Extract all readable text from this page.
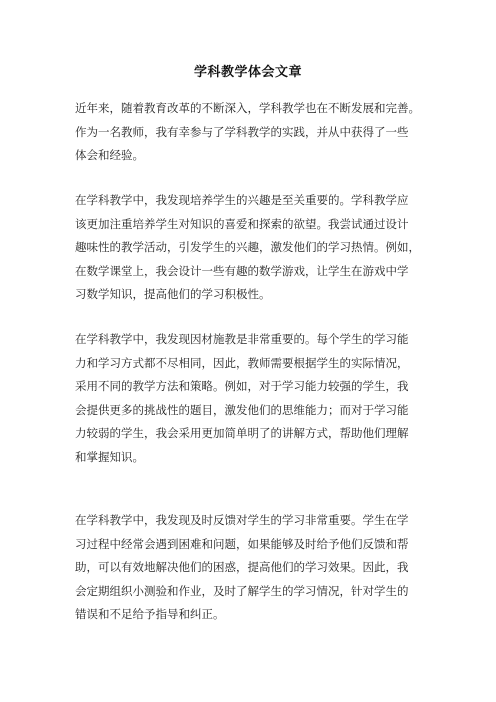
学科教学体会文章

近年来，随着教育改革的不断深入，学科教学也在不断发展和完善。
作为一名教师，我有幸参与了学科教学的实践，并从中获得了一些
体会和经验。

在学科教学中，我发现培养学生的兴趣是至关重要的。学科教学应
该更加注重培养学生对知识的喜爱和探索的欲望。我尝试通过设计
趣味性的教学活动，引发学生的兴趣，激发他们的学习热情。例如，
在数学课堂上，我会设计一些有趣的数学游戏，让学生在游戏中学
习数学知识，提高他们的学习积极性。

在学科教学中，我发现因材施教是非常重要的。每个学生的学习能
力和学习方式都不尽相同，因此，教师需要根据学生的实际情况，
采用不同的教学方法和策略。例如，对于学习能力较强的学生，我
会提供更多的挑战性的题目，激发他们的思维能力；而对于学习能
力较弱的学生，我会采用更加简单明了的讲解方式，帮助他们理解
和掌握知识。

在学科教学中，我发现及时反馈对学生的学习非常重要。学生在学
习过程中经常会遇到困难和问题，如果能够及时给予他们反馈和帮
助，可以有效地解决他们的困惑，提高他们的学习效果。因此，我
会定期组织小测验和作业，及时了解学生的学习情况，针对学生的
错误和不足给予指导和纠正。
